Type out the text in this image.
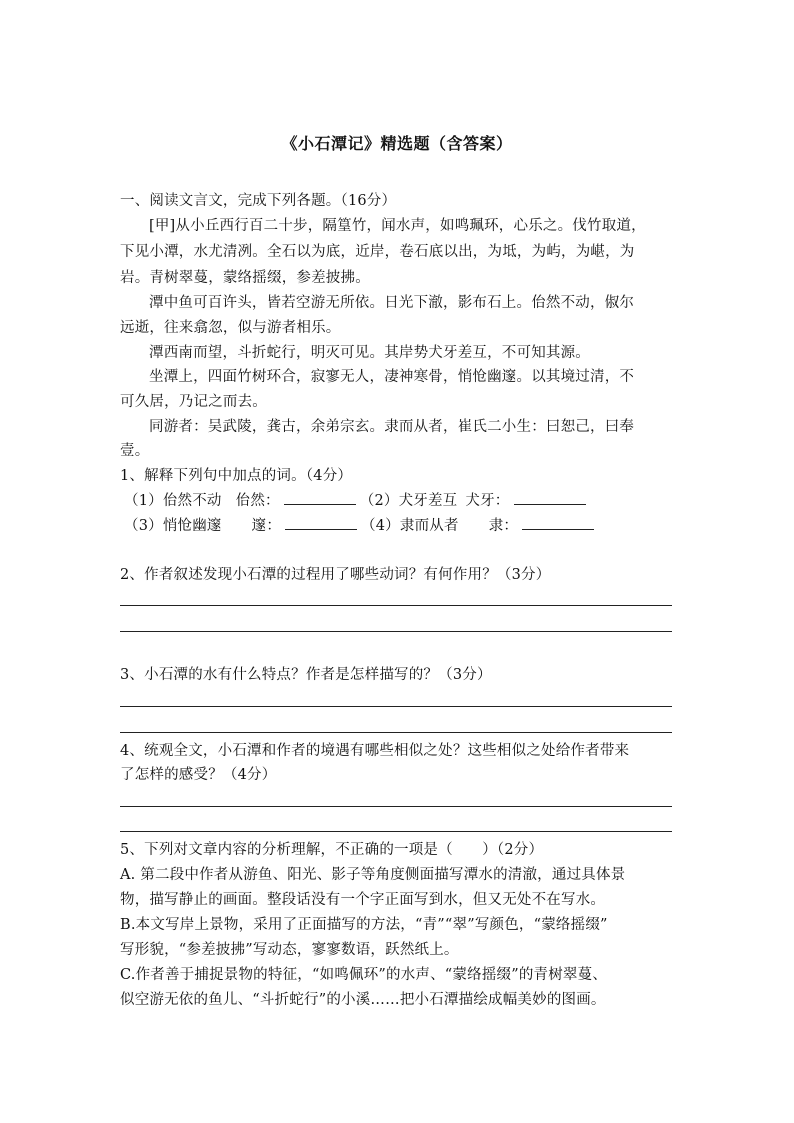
《小石潭记》精选题（含答案）
一、阅读文言文，完成下列各题。（16分）
[甲]从小丘西行百二十步，隔篁竹，闻水声，如鸣珮环，心乐之。伐竹取道，
下见小潭，水尤清冽。全石以为底，近岸，卷石底以出，为坻，为屿，为嵁，为
岩。青树翠蔓，蒙络摇缀，参差披拂。
潭中鱼可百许头，皆若空游无所依。日光下澈，影布石上。佁然不动，俶尔
远逝，往来翕忽，似与游者相乐。
潭西南而望，斗折蛇行，明灭可见。其岸势犬牙差互，不可知其源。
坐潭上，四面竹树环合，寂寥无人，凄神寒骨，悄怆幽邃。以其境过清，不
可久居，乃记之而去。
同游者：吴武陵，龚古，余弟宗玄。隶而从者，崔氏二小生：曰恕己，曰奉
壹。
1、解释下列句中加点的词。（4分）
（1）佁然不动 佁然：	（2）犬牙差互 犬牙：
（3）悄怆幽邃 邃：	（4）隶而从者 隶：
2、作者叙述发现小石潭的过程用了哪些动词？有何作用？（3分）
3、小石潭的水有什么特点？作者是怎样描写的？（3分）
4、统观全文，小石潭和作者的境遇有哪些相似之处？这些相似之处给作者带来
了怎样的感受？（4分）
5、下列对文章内容的分析理解，不正确的一项是（　　）（2分）
A. 第二段中作者从游鱼、阳光、影子等角度侧面描写潭水的清澈，通过具体景
物，描写静止的画面。整段话没有一个字正面写到水，但又无处不在写水。
B.本文写岸上景物，采用了正面描写的方法，“青”“翠”写颜色，“蒙络摇缀”
写形貌，“参差披拂”写动态，寥寥数语，跃然纸上。
C.作者善于捕捉景物的特征，“如鸣佩环”的水声、“蒙络摇缀”的青树翠蔓、
似空游无依的鱼儿、“斗折蛇行”的小溪……把小石潭描绘成幅美妙的图画。
